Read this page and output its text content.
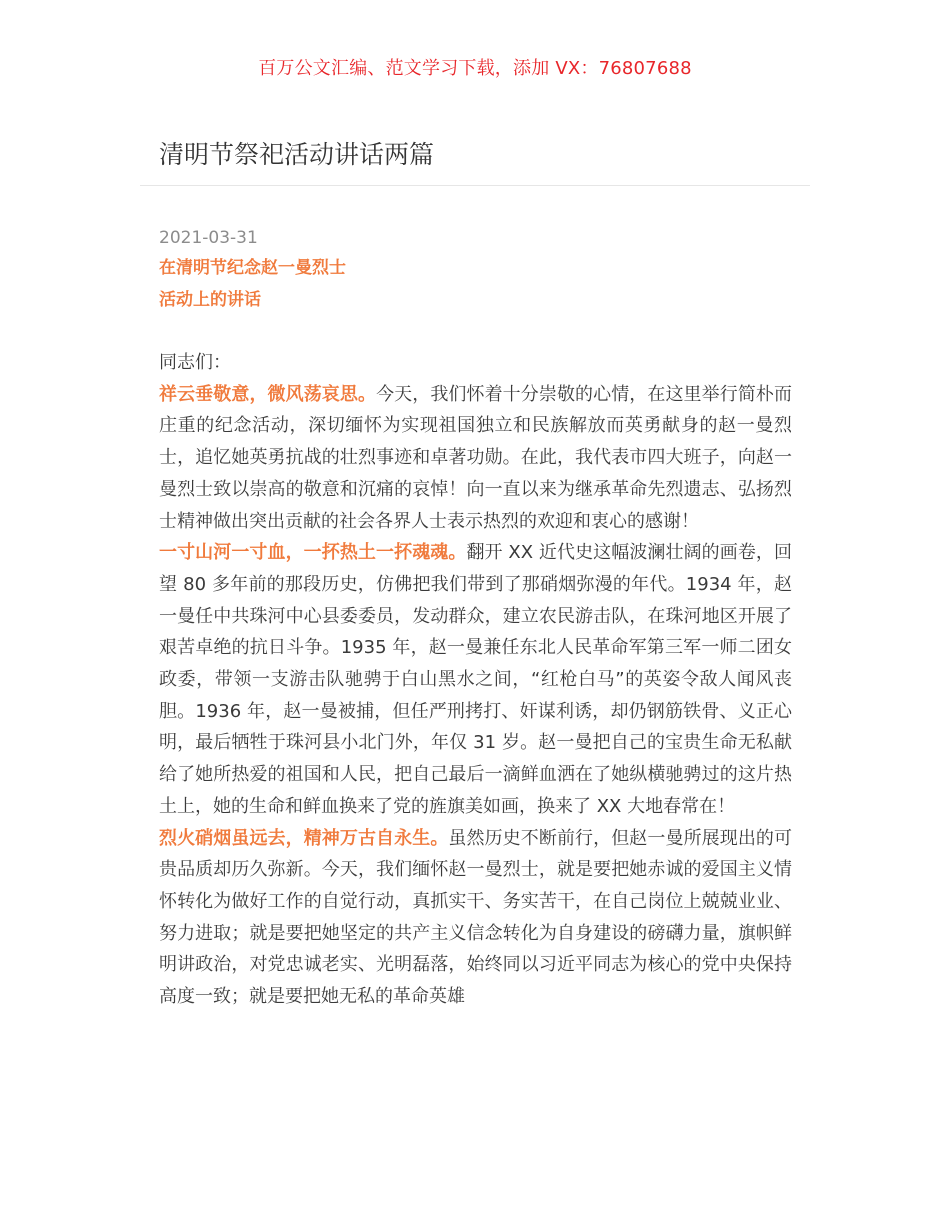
百万公文汇编、范文学习下载，添加 VX：76807688
清明节祭祀活动讲话两篇
2021-03-31
在清明节纪念赵一曼烈士
活动上的讲话

同志们：

祥云垂敬意，微风荡哀思。今天，我们怀着十分崇敬的心情，在这里举行简朴而庄重的纪念活动，深切缅怀为实现祖国独立和民族解放而英勇献身的赵一曼烈士，追忆她英勇抗战的壮烈事迹和卓著功勋。在此，我代表市四大班子，向赵一曼烈士致以崇高的敬意和沉痛的哀悼！向一直以来为继承革命先烈遗志、弘扬烈士精神做出突出贡献的社会各界人士表示热烈的欢迎和衷心的感谢！

一寸山河一寸血，一抔热土一抔魂魂。翻开 XX 近代史这幅波澜壮阔的画卷，回望 80 多年前的那段历史，仿佛把我们带到了那硝烟弥漫的年代。1934 年，赵一曼任中共珠河中心县委委员，发动群众，建立农民游击队，在珠河地区开展了艰苦卓绝的抗日斗争。1935 年，赵一曼兼任东北人民革命军第三军一师二团女政委，带领一支游击队驰骋于白山黑水之间，“红枪白马”的英姿令敌人闻风丧胆。1936 年，赵一曼被捕，但任严刑拷打、奸谋利诱，却仍钢筋铁骨、义正心明，最后牺牲于珠河县小北门外，年仅 31 岁。赵一曼把自己的宝贵生命无私献给了她所热爱的祖国和人民，把自己最后一滴鲜血洒在了她纵横驰骋过的这片热土上，她的生命和鲜血换来了党的旌旗美如画，换来了 XX 大地春常在！

烈火硝烟虽远去，精神万古自永生。虽然历史不断前行，但赵一曼所展现出的可贵品质却历久弥新。今天，我们缅怀赵一曼烈士，就是要把她赤诚的爱国主义情怀转化为做好工作的自觉行动，真抓实干、务实苦干，在自己岗位上兢兢业业、努力进取；就是要把她坚定的共产主义信念转化为自身建设的磅礴力量，旗帜鲜明讲政治，对党忠诚老实、光明磊落，始终同以习近平同志为核心的党中央保持高度一致；就是要把她无私的革命英雄
